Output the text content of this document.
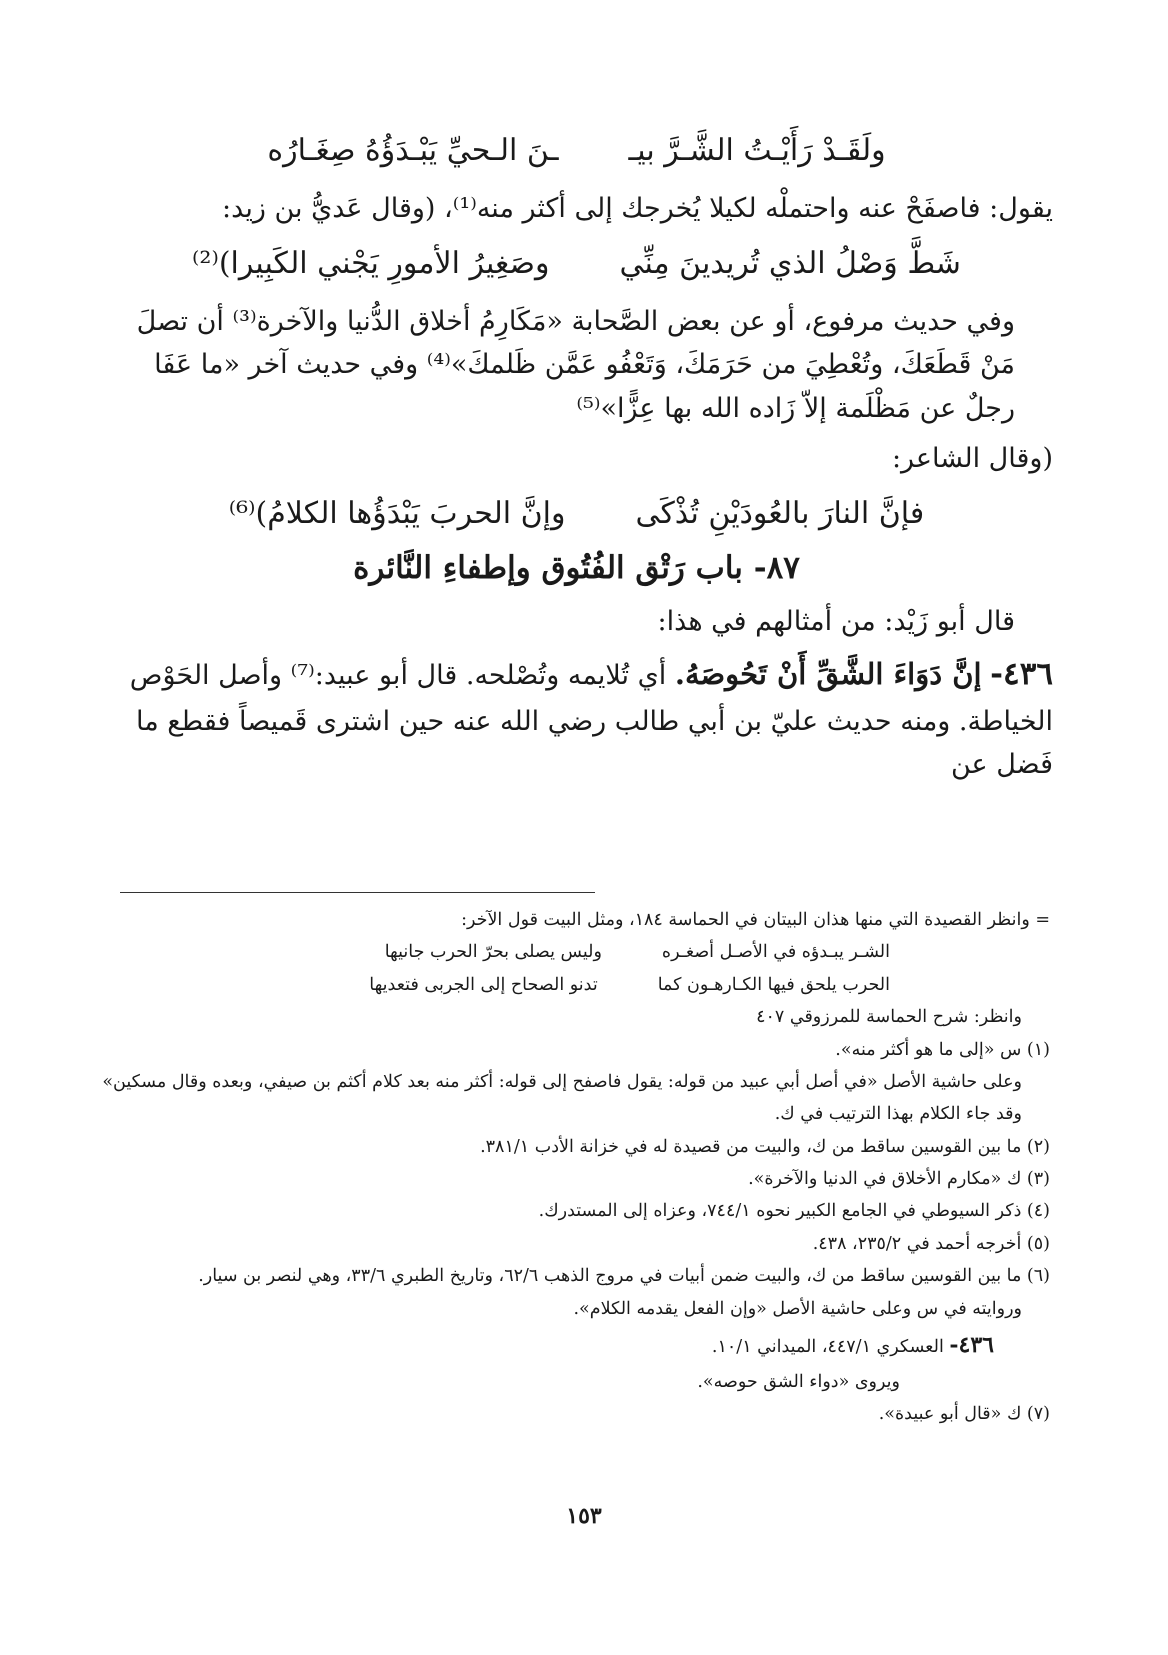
ولَقَـدْ رَأَيْـتُ الشَّـرَّ بيـ
ـنَ الـحيِّ يَبْـدَؤُهُ صِغَـارُه

يقول: فاصفَحْ عنه واحتملْه لكيلا يُخرجك إلى أكثر منه⁽¹⁾، (وقال عَديُّ بن زيد:

شَطَّ وَصْلُ الذي تُريدينَ مِنِّي
وصَغِيرُ الأمورِ يَجْني الكَبِيرا)⁽²⁾

وفي حديث مرفوع، أو عن بعض الصَّحابة «مَكَارِمُ أخلاق الدُّنيا والآخرة⁽³⁾ أن تصلَ مَنْ قَطَعَكَ، وتُعْطِيَ من حَرَمَكَ، وَتَعْفُو عَمَّن ظَلمكَ»⁽⁴⁾ وفي حديث آخر «ما عَفَا رجلٌ عن مَظْلَمة إلاّ زَاده الله بها عِزًّا»⁽⁵⁾

(وقال الشاعر:

فإنَّ النارَ بالعُودَيْنِ تُذْكَى
وإنَّ الحربَ يَبْدَؤُها الكلامُ)⁽⁶⁾
٨٧- باب رَتْق الفُتُوق وإطفاءِ النَّائرة

قال أبو زَيْد: من أمثالهم في هذا:

٤٣٦- إنَّ دَوَاءَ الشَّقِّ أَنْ تَحُوصَهُ. أي تُلايمه وتُصْلحه. قال أبو عبيد:⁽⁷⁾ وأصل الحَوْص الخياطة. ومنه حديث عليّ بن أبي طالب رضي الله عنه حين اشترى قَميصاً فقطع ما فَضل عن

= وانظر القصيدة التي منها هذان البيتان في الحماسة ١٨٤، ومثل البيت قول الآخر:

الشـر يبـدؤه في الأصـل أصغـره
وليس يصلى بحرّ الحرب جانيها
الحرب يلحق فيها الكـارهـون كما
تدنو الصحاح إلى الجربى فتعديها

وانظر: شرح الحماسة للمرزوقي ٤٠٧

(١) س «إلى ما هو أكثر منه».

وعلى حاشية الأصل «في أصل أبي عبيد من قوله: يقول فاصفح إلى قوله: أكثر منه بعد كلام أكثم بن صيفي، وبعده وقال مسكين» وقد جاء الكلام بهذا الترتيب في ك.

(٢) ما بين القوسين ساقط من ك، والبيت من قصيدة له في خزانة الأدب ٣٨١/١.

(٣) ك «مكارم الأخلاق في الدنيا والآخرة».

(٤) ذكر السيوطي في الجامع الكبير نحوه ٧٤٤/١، وعزاه إلى المستدرك.

(٥) أخرجه أحمد في ٢٣٥/٢، ٤٣٨.

(٦) ما بين القوسين ساقط من ك، والبيت ضمن أبيات في مروج الذهب ٦٢/٦، وتاريخ الطبري ٣٣/٦، وهي لنصر بن سيار.

وروايته في س وعلى حاشية الأصل «وإن الفعل يقدمه الكلام».

٤٣٦- العسكري ٤٤٧/١، الميداني ١٠/١.

ويروى «دواء الشق حوصه».

(٧) ك «قال أبو عبيدة».

١٥٣
